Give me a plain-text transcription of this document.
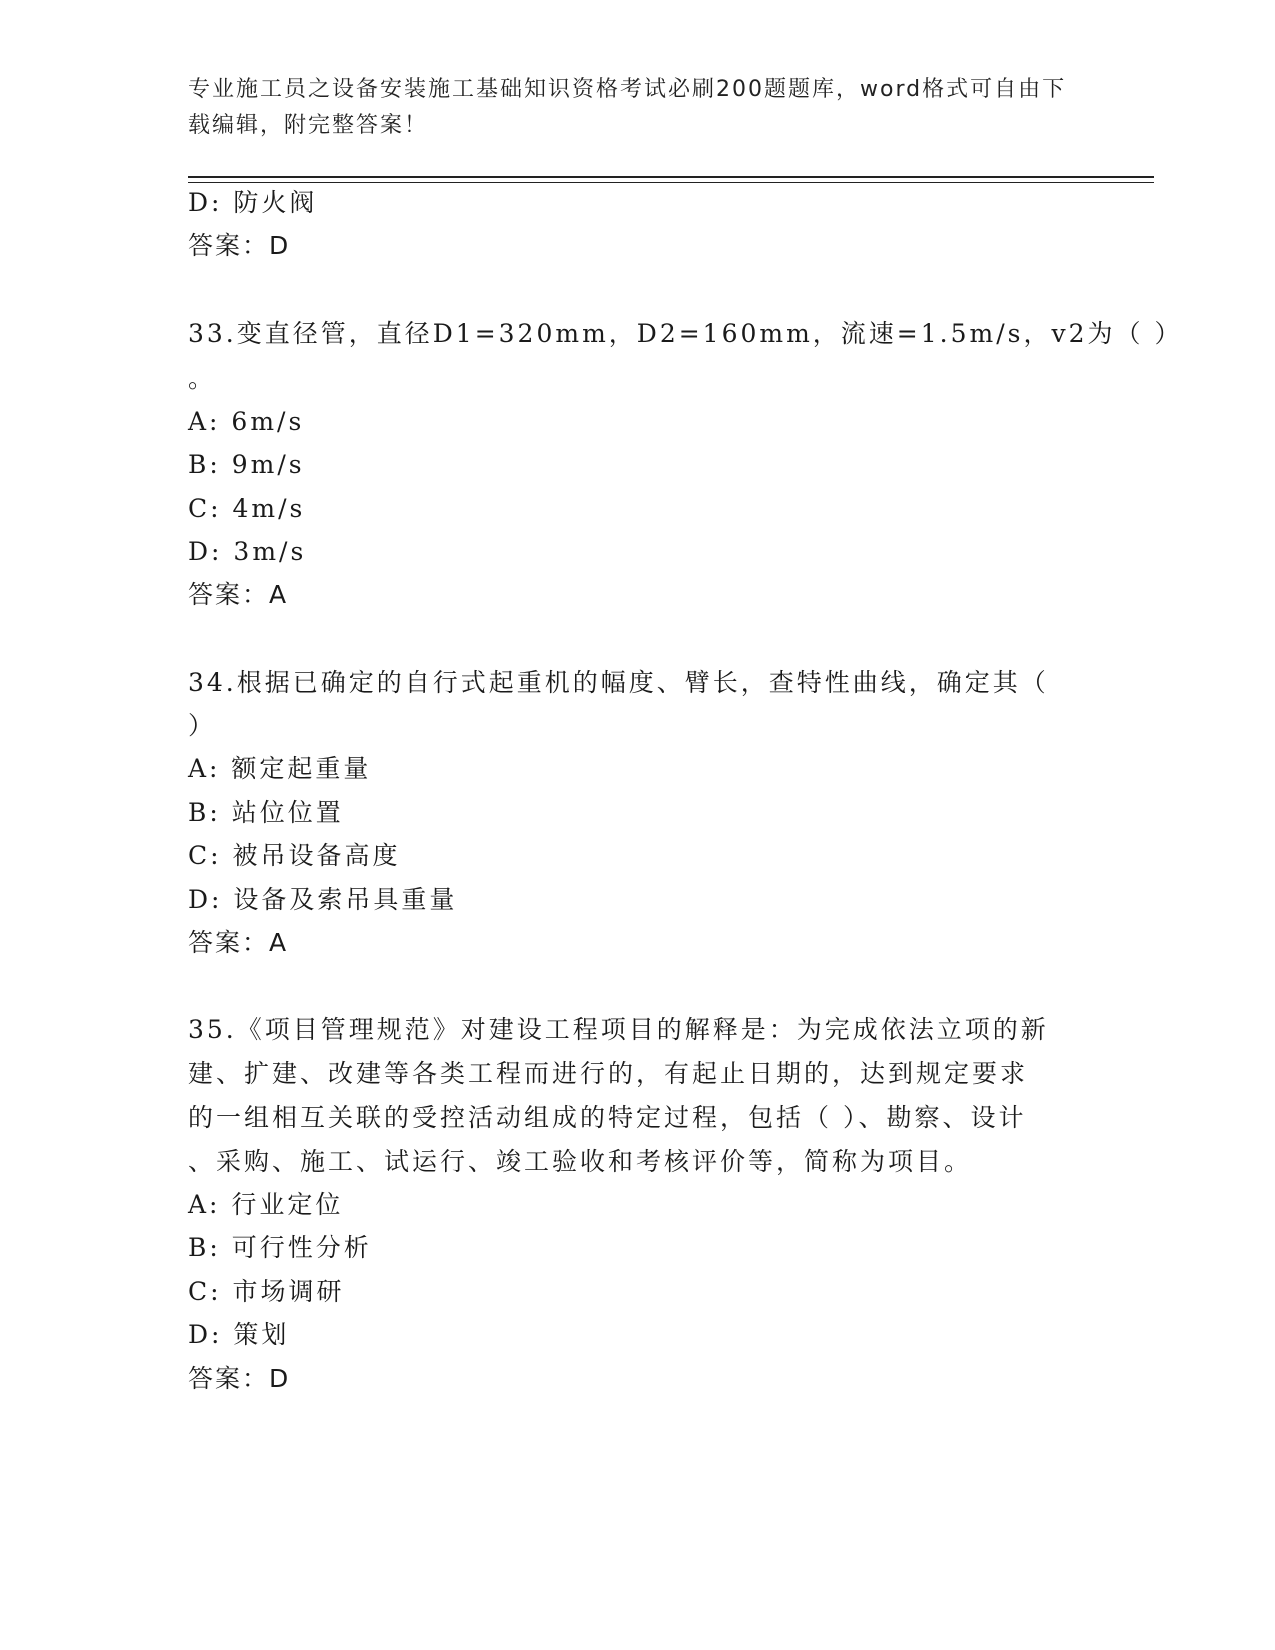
专业施工员之设备安装施工基础知识资格考试必刷200题题库，word格式可自由下载编辑，附完整答案！
D: 防火阀
答案：D
33.变直径管，直径D1=320mm，D2=160mm，流速=1.5m/s，v2为（ ）
。
A: 6m/s
B: 9m/s
C: 4m/s
D: 3m/s
答案：A
34.根据已确定的自行式起重机的幅度、臂长，查特性曲线，确定其（
）
A: 额定起重量
B: 站位位置
C: 被吊设备高度
D: 设备及索吊具重量
答案：A
35.《项目管理规范》对建设工程项目的解释是：为完成依法立项的新
建、扩建、改建等各类工程而进行的，有起止日期的，达到规定要求
的一组相互关联的受控活动组成的特定过程，包括（ ）、勘察、设计
、采购、施工、试运行、竣工验收和考核评价等，简称为项目。
A: 行业定位
B: 可行性分析
C: 市场调研
D: 策划
答案：D
